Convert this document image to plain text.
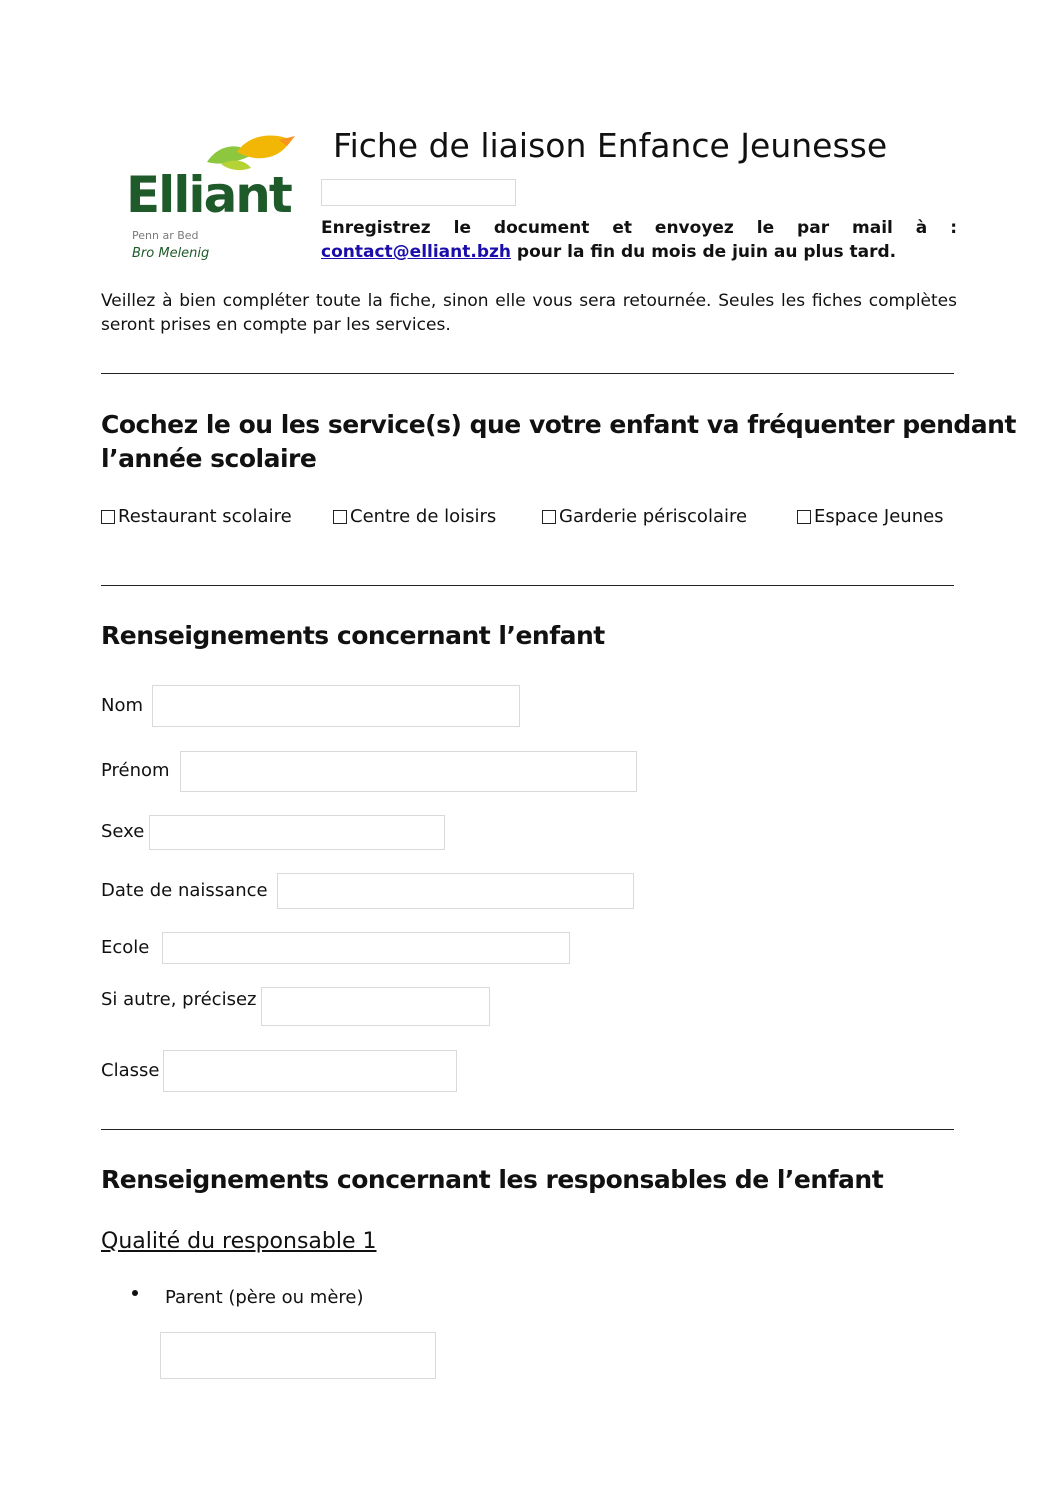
Elliant
Penn ar Bed
Bro Melenig
Fiche de liaison Enfance Jeunesse
Enregistrez le document et envoyez le par mail à : contact@elliant.bzh pour la fin du mois de juin au plus tard.
Veillez à bien compléter toute la fiche, sinon elle vous sera retournée. Seules les fiches complètes seront prises en compte par les services.
Cochez le ou les service(s) que votre enfant va fréquenter pendant
l’année scolaire
Restaurant scolaire	Centre de loisirs	Garderie périscolaire	Espace Jeunes
Renseignements concernant l’enfant
Nom
Prénom
Sexe
Date de naissance
Ecole
Si autre, précisez
Classe
Renseignements concernant les responsables de l’enfant
Qualité du responsable 1
Parent (père ou mère)
